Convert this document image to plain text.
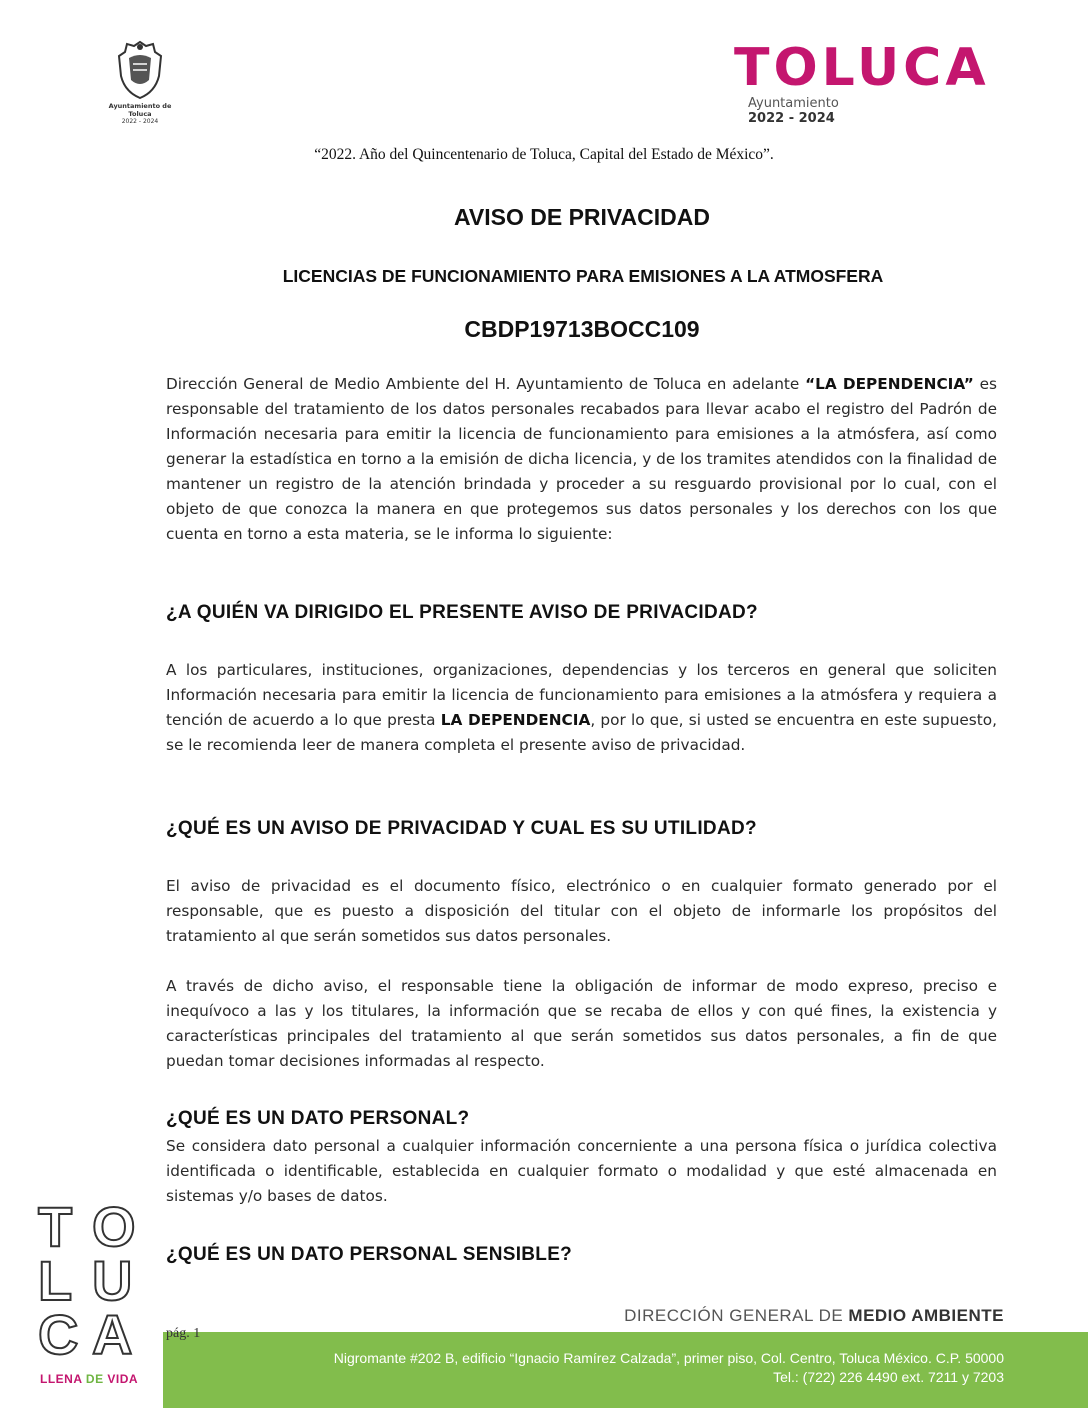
Ayuntamiento de Toluca
2022 - 2024
TOLUCA
Ayuntamiento
2022 - 2024
“2022. Año del Quincentenario de Toluca, Capital del Estado de México”.
AVISO DE PRIVACIDAD
LICENCIAS DE FUNCIONAMIENTO PARA EMISIONES A LA ATMOSFERA
CBDP19713BOCC109

Dirección General de Medio Ambiente del H. Ayuntamiento de Toluca en adelante “LA DEPENDENCIA” es responsable del tratamiento de los datos personales recabados para llevar acabo el registro del Padrón de Información necesaria para emitir la licencia de funcionamiento para emisiones a la atmósfera, así como generar la estadística en torno a la emisión de dicha licencia, y de los tramites atendidos con la finalidad de mantener un registro de la atención brindada y proceder a su resguardo provisional por lo cual, con el objeto de que conozca la manera en que protegemos sus datos personales y los derechos con los que cuenta en torno a esta materia, se le informa lo siguiente:

¿A QUIÉN VA DIRIGIDO EL PRESENTE AVISO DE PRIVACIDAD?

A los particulares, instituciones, organizaciones, dependencias y los terceros en general que soliciten Información necesaria para emitir la licencia de funcionamiento para emisiones a la atmósfera y requiera a tención de acuerdo a lo que presta LA DEPENDENCIA, por lo que, si usted se encuentra en este supuesto, se le recomienda leer de manera completa el presente aviso de privacidad.

¿QUÉ ES UN AVISO DE PRIVACIDAD Y CUAL ES SU UTILIDAD?

El aviso de privacidad es el documento físico, electrónico o en cualquier formato generado por el responsable, que es puesto a disposición del titular con el objeto de informarle los propósitos del tratamiento al que serán sometidos sus datos personales.

A través de dicho aviso, el responsable tiene la obligación de informar de modo expreso, preciso e inequívoco a las y los titulares, la información que se recaba de ellos y con qué fines, la existencia y características principales del tratamiento al que serán sometidos sus datos personales, a fin de que puedan tomar decisiones informadas al respecto.

¿QUÉ ES UN DATO PERSONAL?

Se considera dato personal a cualquier información concerniente a una persona física o jurídica colectiva identificada o identificable, establecida en cualquier formato o modalidad y que esté almacenada en sistemas y/o bases de datos.

¿QUÉ ES UN DATO PERSONAL SENSIBLE?
T O
L U
C A
LLENA DE VIDA
DIRECCIÓN GENERAL DE MEDIO AMBIENTE
pág. 1
Nigromante #202 B, edificio “Ignacio Ramírez Calzada”, primer piso, Col. Centro, Toluca México. C.P. 50000
Tel.: (722) 226 4490 ext. 7211 y 7203
